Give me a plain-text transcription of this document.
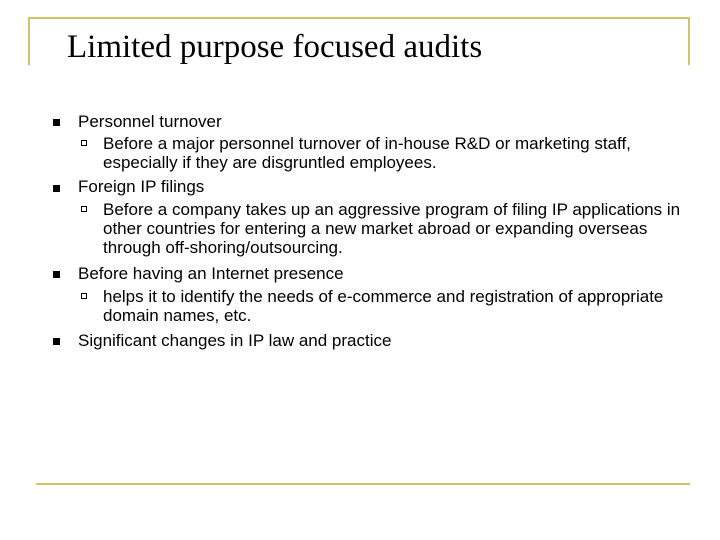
Limited purpose focused audits
Personnel turnover
Before a major personnel turnover of in-house R&D or marketing staff, especially if they are disgruntled employees.
Foreign IP filings
Before a company takes up an aggressive program of filing IP applications in other countries for entering a new market abroad or expanding overseas through off-shoring/outsourcing.
Before having an Internet presence
helps it to identify the needs of e-commerce and registration of appropriate domain names, etc.
Significant changes in IP law and practice
